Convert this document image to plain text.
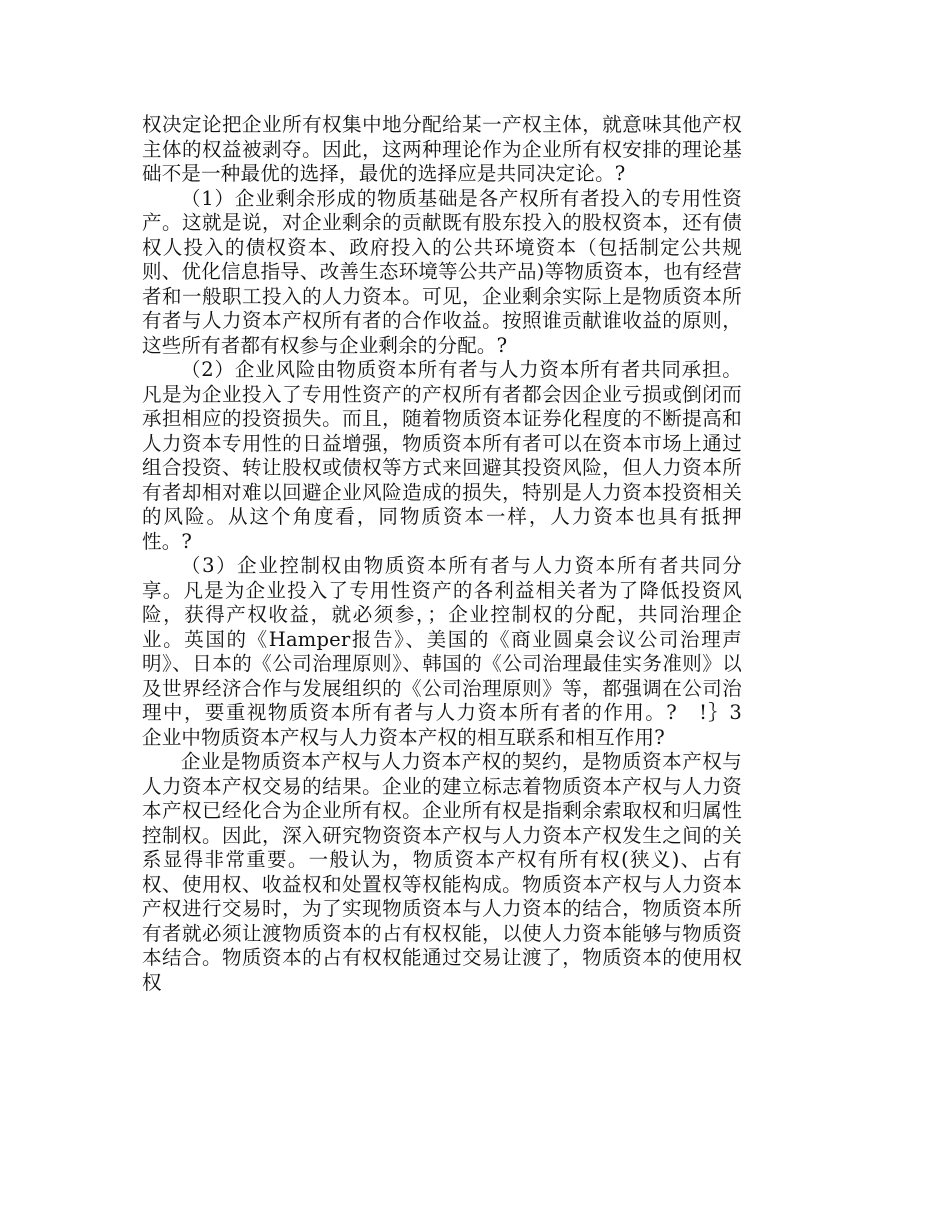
权决定论把企业所有权集中地分配给某一产权主体，就意味其他产权主体的权益被剥夺。因此，这两种理论作为企业所有权安排的理论基础不是一种最优的选择，最优的选择应是共同决定论。?

（1）企业剩余形成的物质基础是各产权所有者投入的专用性资产。这就是说，对企业剩余的贡献既有股东投入的股权资本，还有债权人投入的债权资本、政府投入的公共环境资本（包括制定公共规则、优化信息指导、改善生态环境等公共产品)等物质资本，也有经营者和一般职工投入的人力资本。可见，企业剩余实际上是物质资本所有者与人力资本产权所有者的合作收益。按照谁贡献谁收益的原则，这些所有者都有权参与企业剩余的分配。?

（2）企业风险由物质资本所有者与人力资本所有者共同承担。凡是为企业投入了专用性资产的产权所有者都会因企业亏损或倒闭而承担相应的投资损失。而且，随着物质资本证券化程度的不断提高和人力资本专用性的日益增强，物质资本所有者可以在资本市场上通过组合投资、转让股权或债权等方式来回避其投资风险，但人力资本所有者却相对难以回避企业风险造成的损失，特别是人力资本投资相关的风险。从这个角度看，同物质资本一样，人力资本也具有抵押性。?

（3）企业控制权由物质资本所有者与人力资本所有者共同分享。凡是为企业投入了专用性资产的各利益相关者为了降低投资风险，获得产权收益，就必须参，；企业控制权的分配，共同治理企业。英国的《Hamper报告》、美国的《商业圆桌会议公司治理声明》、日本的《公司治理原则》、韩国的《公司治理最佳实务准则》以及世界经济合作与发展组织的《公司治理原则》等，都强调在公司治理中，要重视物质资本所有者与人力资本所有者的作用。?　!｝3　企业中物质资本产权与人力资本产权的相互联系和相互作用?

企业是物质资本产权与人力资本产权的契约，是物质资本产权与人力资本产权交易的结果。企业的建立标志着物质资本产权与人力资本产权已经化合为企业所有权。企业所有权是指剩余索取权和归属性控制权。因此，深入研究物资资本产权与人力资本产权发生之间的关系显得非常重要。一般认为，物质资本产权有所有权(狭义)、占有权、使用权、收益权和处置权等权能构成。物质资本产权与人力资本产权进行交易时，为了实现物质资本与人力资本的结合，物质资本所有者就必须让渡物质资本的占有权权能，以使人力资本能够与物质资本结合。物质资本的占有权权能通过交易让渡了，物质资本的使用权权
